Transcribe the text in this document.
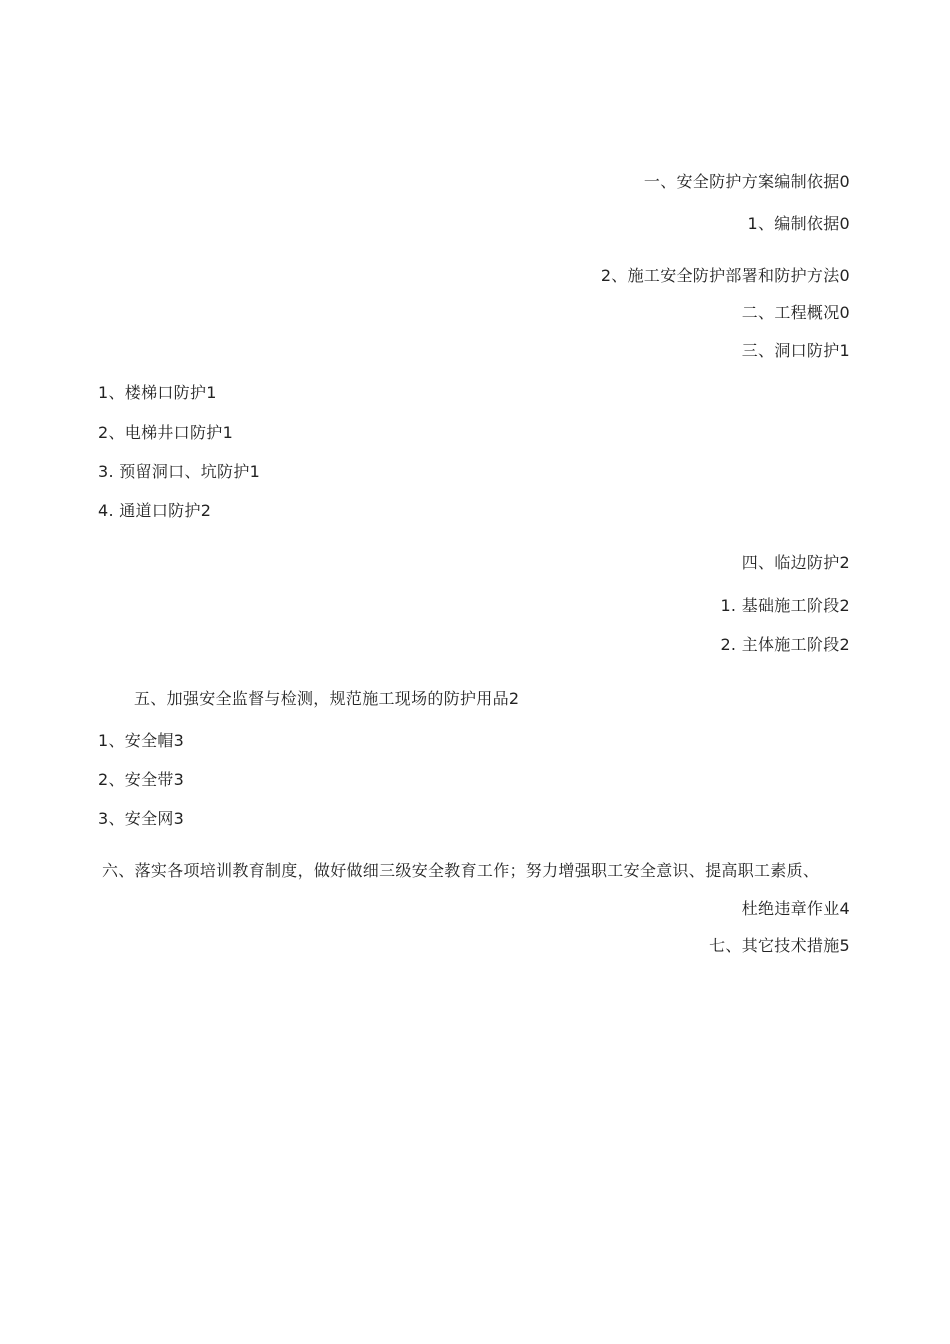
一、安全防护方案编制依据0
1、编制依据0
2、施工安全防护部署和防护方法0
二、工程概况0
三、洞口防护1
1、楼梯口防护1
2、电梯井口防护1
3. 预留洞口、坑防护1
4. 通道口防护2
四、临边防护2
1. 基础施工阶段2
2. 主体施工阶段2
五、加强安全监督与检测，规范施工现场的防护用品2
1、安全帽3
2、安全带3
3、安全网3
六、落实各项培训教育制度，做好做细三级安全教育工作；努力增强职工安全意识、提高职工素质、
杜绝违章作业4
七、其它技术措施5
